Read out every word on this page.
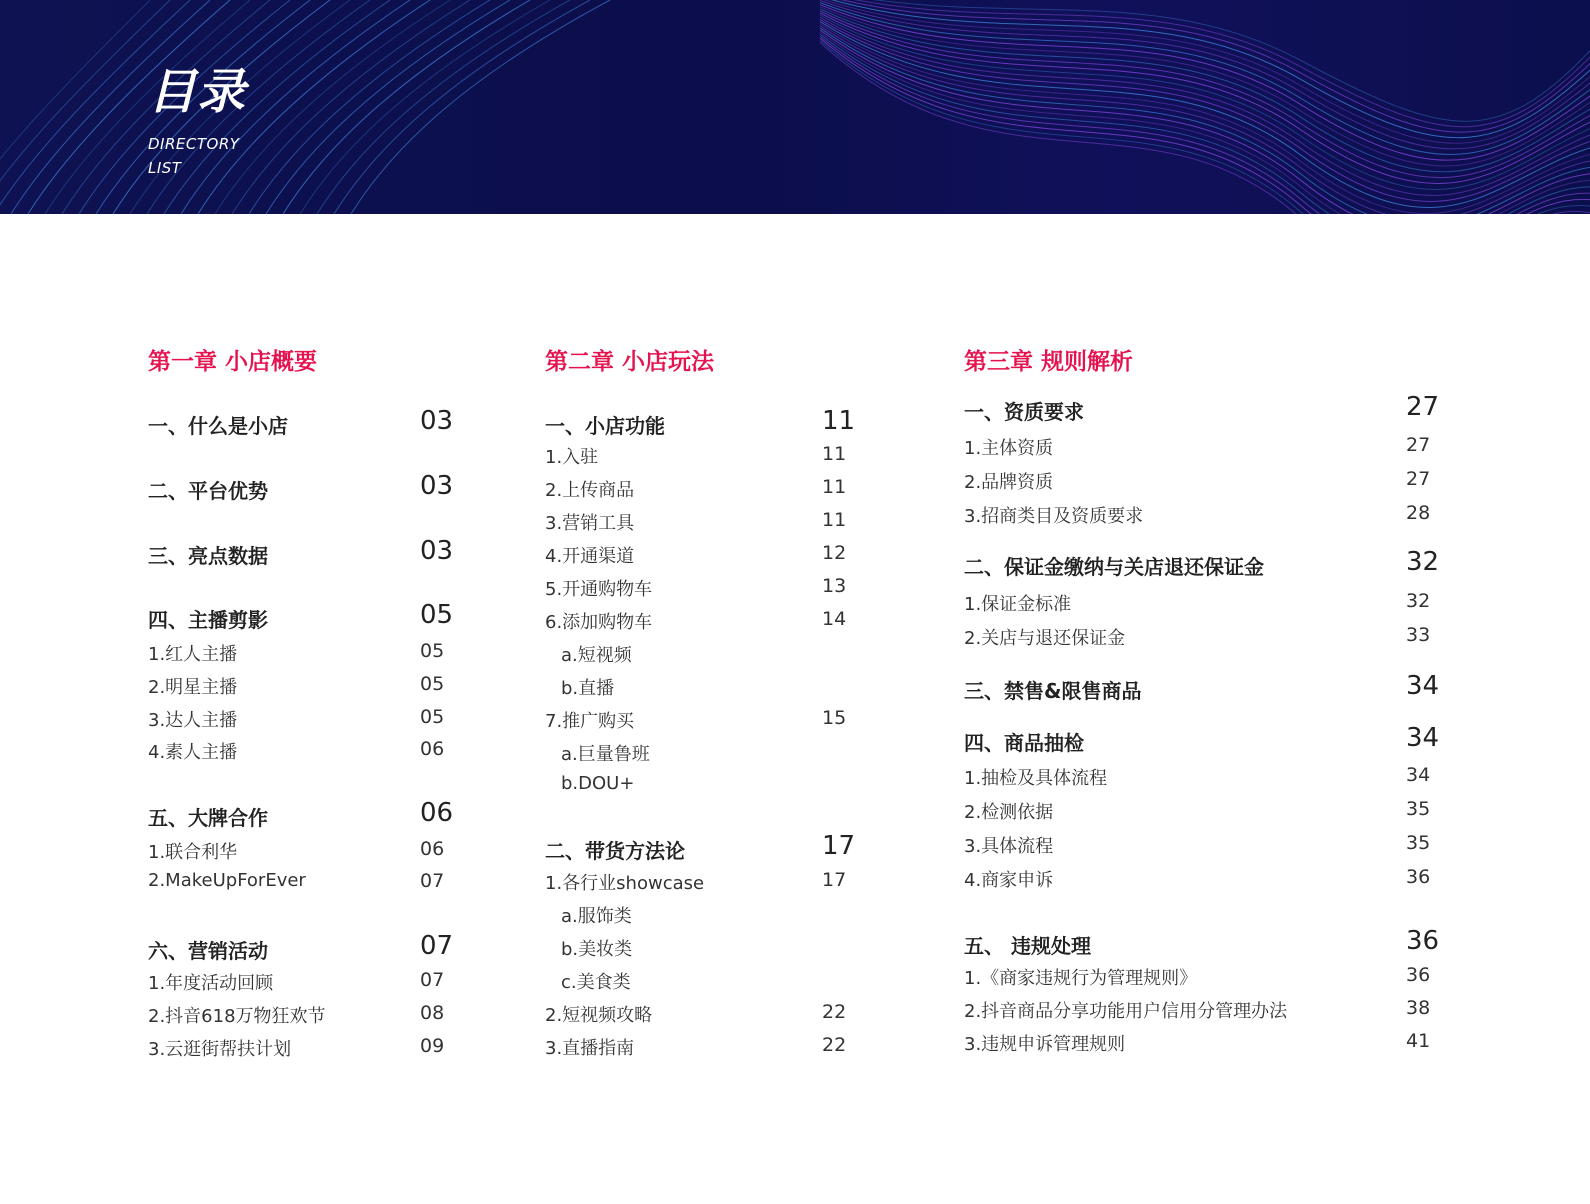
目录
DIRECTORY
LIST
第一章 小店概要
一、什么是小店	03
二、平台优势	03
三、亮点数据	03
四、主播剪影	05
1.红人主播	05
2.明星主播	05
3.达人主播	05
4.素人主播	06
五、大牌合作	06
1.联合利华	06
2.MakeUpForEver	07
六、营销活动	07
1.年度活动回顾	07
2.抖音618万物狂欢节	08
3.云逛街帮扶计划	09
第二章 小店玩法
一、小店功能	11
1.入驻	11
2.上传商品	11
3.营销工具	11
4.开通渠道	12
5.开通购物车	13
6.添加购物车	14
a.短视频
b.直播
7.推广购买	15
a.巨量鲁班
b.DOU+
二、带货方法论	17
1.各行业showcase	17
a.服饰类
b.美妆类
c.美食类
2.短视频攻略	22
3.直播指南	22
第三章 规则解析
一、资质要求	27
1.主体资质	27
2.品牌资质	27
3.招商类目及资质要求	28
二、保证金缴纳与关店退还保证金	32
1.保证金标准	32
2.关店与退还保证金	33
三、禁售&限售商品	34
四、商品抽检	34
1.抽检及具体流程	34
2.检测依据	35
3.具体流程	35
4.商家申诉	36
五、 违规处理	36
1.《商家违规行为管理规则》	36
2.抖音商品分享功能用户信用分管理办法	38
3.违规申诉管理规则	41
